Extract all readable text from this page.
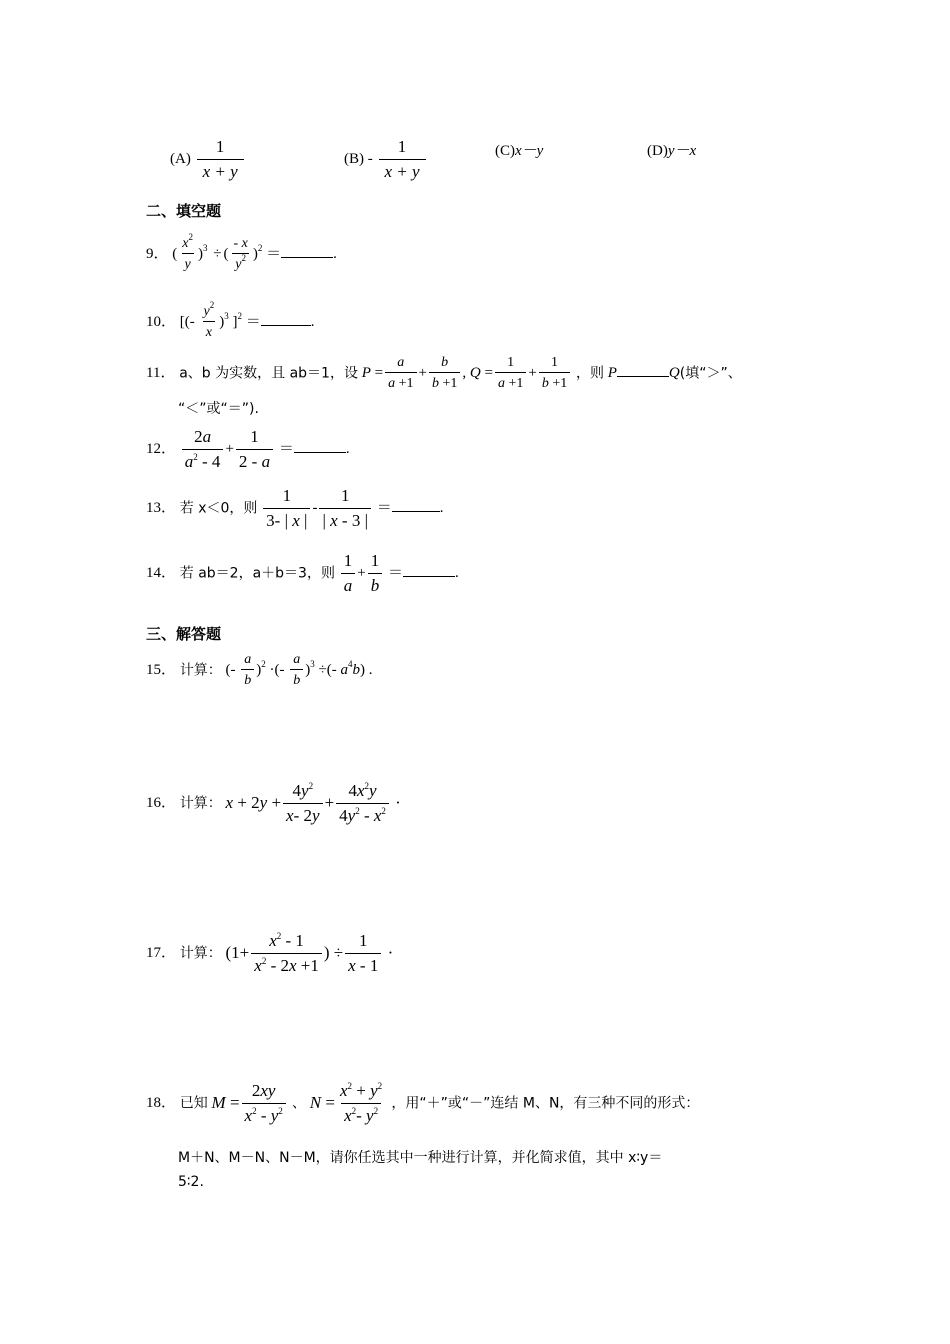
$(A) \frac{1}{x + y}$	$(B) - \frac{1}{x + y}$	(C)x－y	(D)y－x
二、填空题
9． ( $\frac{x^2}{y} )^3$ ÷ ( $\frac{- x}{y^2} )^2$ ＝	.
10． [(- $\frac{y^2}{x} )^3$ ]$^2$ ＝	.
11． a、b 为实数，且 ab＝1，设 $P = \frac{a}{a +1} + \frac{b}{b +1}$ , $Q = \frac{1}{a +1} + \frac{1}{b +1}$ ，则 P	Q(填“＞”、
“＜”或“＝”).
12． $\frac{2a}{a^2 - 4} + \frac{1}{2 - a}$ ＝	.
13． 若 x＜0，则 $\frac{1}{3- | x |} - \frac{1}{| x - 3 |}$ ＝	.
14． 若 ab＝2，a＋b＝3，则 $\frac{1}{a} + \frac{1}{b}$ ＝	.
三、解答题
15． 计算： (- $\frac{a}{b} )^2$ ·(- $\frac{a}{b} )^3$ ÷(- $a^4b$) .
16． 计算： $x + 2y + \frac{4y^2}{x- 2y} + \frac{4x^2y}{4y^2 - x^2}$ ·
17． 计算： ($1+ \frac{x^2 - 1}{x^2 - 2x +1}$ ) ÷ $\frac{1}{x - 1}$ ·
18． 已知 $M = \frac{2xy}{x^2 - y^2}$ 、 $N = \frac{x^2 + y^2}{x^2- y^2}$ ，用“＋”或“－”连结 M、N，有三种不同的形式：
M＋N、M－N、N－M，请你任选其中一种进行计算，并化简求值，其中 x∶y＝
5∶2.
